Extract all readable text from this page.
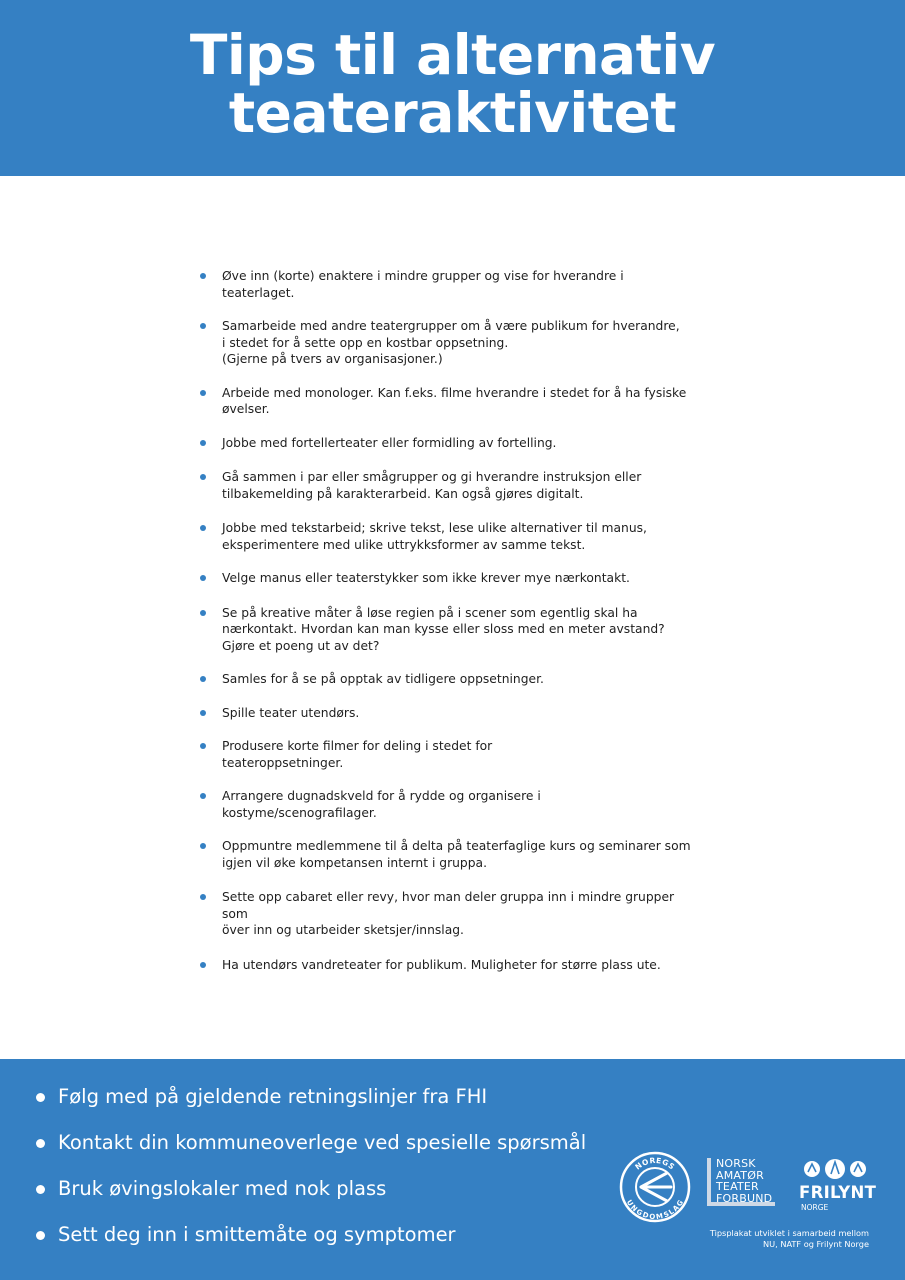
Tips til alternativ
teateraktivitet
Øve inn (korte) enaktere i mindre grupper og vise for hverandre i
teaterlaget.
Samarbeide med andre teatergrupper om å være publikum for hverandre,
i stedet for å sette opp en kostbar oppsetning.
(Gjerne på tvers av organisasjoner.)
Arbeide med monologer. Kan f.eks. filme hverandre i stedet for å ha fysiske
øvelser.
Jobbe med fortellerteater eller formidling av fortelling.
Gå sammen i par eller smågrupper og gi hverandre instruksjon eller
tilbakemelding på karakterarbeid. Kan også gjøres digitalt.
Jobbe med tekstarbeid; skrive tekst, lese ulike alternativer til manus,
eksperimentere med ulike uttrykksformer av samme tekst.
Velge manus eller teaterstykker som ikke krever mye nærkontakt.
Se på kreative måter å løse regien på i scener som egentlig skal ha
nærkontakt. Hvordan kan man kysse eller sloss med en meter avstand?
Gjøre et poeng ut av det?
Samles for å se på opptak av tidligere oppsetninger.
Spille teater utendørs.
Produsere korte filmer for deling i stedet for
teateroppsetninger.
Arrangere dugnadskveld for å rydde og organisere i
kostyme/scenografilager.
Oppmuntre medlemmene til å delta på teaterfaglige kurs og seminarer som
igjen vil øke kompetansen internt i gruppa.
Sette opp cabaret eller revy, hvor man deler gruppa inn i mindre grupper som
över inn og utarbeider sketsjer/innslag.
Ha utendørs vandreteater for publikum. Muligheter for større plass ute.
Følg med på gjeldende retningslinjer fra FHI
Kontakt din kommuneoverlege ved spesielle spørsmål
Bruk øvingslokaler med nok plass
Sett deg inn i smittemåte og symptomer
NOREGS
UNGDOMSLAG
NORSK
AMATØR
TEATER
FORBUND FRILYNT
NORGE
Tipsplakat utviklet i samarbeid mellom
NU, NATF og Frilynt Norge
